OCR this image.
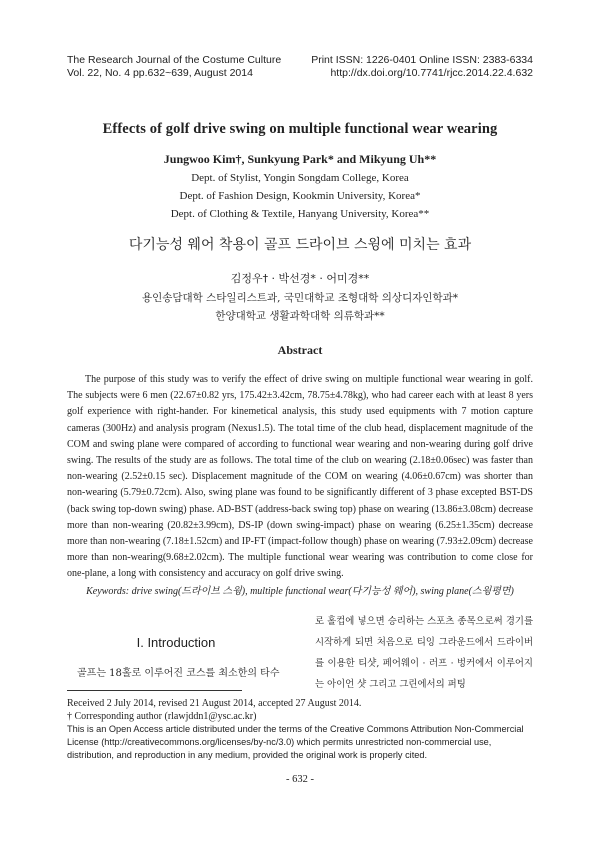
The Research Journal of the Costume Culture
Vol. 22, No. 4 pp.632~639, August 2014
Print ISSN: 1226-0401 Online ISSN: 2383-6334
http://dx.doi.org/10.7741/rjcc.2014.22.4.632
Effects of golf drive swing on multiple functional wear wearing
Jungwoo Kim†, Sunkyung Park* and Mikyung Uh**
Dept. of Stylist, Yongin Songdam College, Korea
Dept. of Fashion Design, Kookmin University, Korea*
Dept. of Clothing & Textile, Hanyang University, Korea**
다기능성 웨어 착용이 골프 드라이브 스윙에 미치는 효과
김정우† · 박선경* · 어미경**
용인송담대학 스타일리스트과, 국민대학교 조형대학 의상디자인학과*
한양대학교 생활과학대학 의류학과**
Abstract

The purpose of this study was to verify the effect of drive swing on multiple functional wear wearing in golf. The subjects were 6 men (22.67±0.82 yrs, 175.42±3.42cm, 78.75±4.78kg), who had career each with at least 8 yers golf experience with right-hander. For kinemetical analysis, this study used equipments with 7 motion capture cameras (300Hz) and analysis program (Nexus1.5). The total time of the club head, displacement magnitude of the COM and swing plane were compared of according to functional wear wearing and non-wearing during golf drive swing. The results of the study are as follows. The total time of the club on wearing (2.18±0.06sec) was faster than non-wearing (2.52±0.15 sec). Displacement magnitude of the COM on wearing (4.06±0.67cm) was shorter than non-wearing (5.79±0.72cm). Also, swing plane was found to be significantly different of 3 phase excepted BST-DS (back swing top-down swing) phase. AD-BST (address-back swing top) phase on wearing (13.86±3.08cm) decrease more than non-wearing (20.82±3.99cm), DS-IP (down swing-impact) phase on wearing (6.25±1.35cm) decrease more than non-wearing (7.18±1.52cm) and IP-FT (impact-follow though) phase on wearing (7.93±2.09cm) decrease more than non-wearing(9.68±2.02cm). The multiple functional wear wearing was contribution to come close for one-plane, a long with consistency and accuracy on golf drive swing.

Keywords: drive swing(드라이브 스윙), multiple functional wear(다기능성 웨어), swing plane(스윙평면)
I. Introduction

골프는 18홀로 이루어진 코스를 최소한의 타수

로 홀컵에 넣으면 승리하는 스포츠 종목으로써 경기를 시작하게 되면 처음으로 티잉 그라운드에서 드라이버를 이용한 티샷, 페어웨이 · 러프 · 벙커에서 이루어지는 아이언 샷 그리고 그린에서의 퍼팅

Received 2 July 2014, revised 21 August 2014, accepted 27 August 2014.

† Corresponding author (rlawjddn1@ysc.ac.kr)

This is an Open Access article distributed under the terms of the Creative Commons Attribution Non-Commercial License (http://creativecommons.org/licenses/by-nc/3.0) which permits unrestricted non-commercial use, distribution, and reproduction in any medium, provided the original work is properly cited.

- 632 -
